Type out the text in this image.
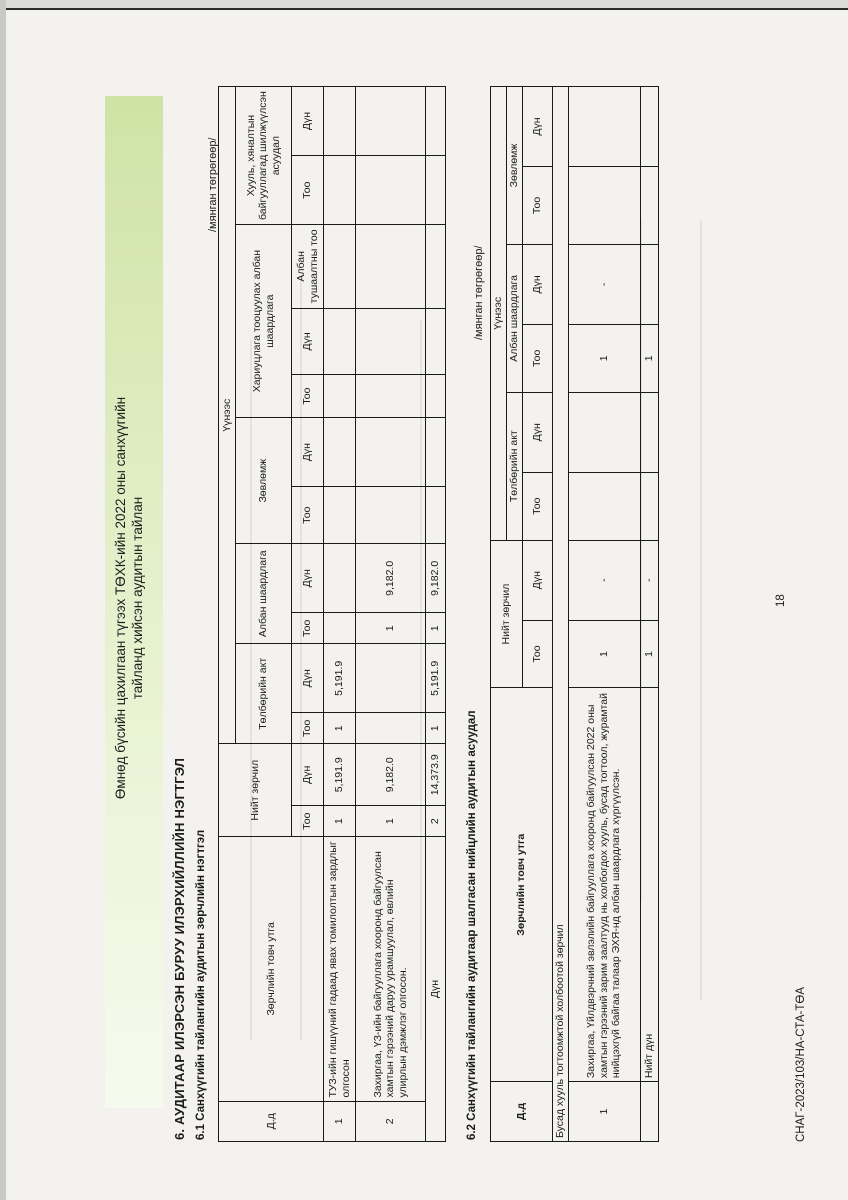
Өмнөд бүсийн цахилгаан түгээх ТӨХК-ийн 2022 оны санхүүгийн тайланд хийсэн аудитын тайлан
6. АУДИТААР ИЛЭРСЭН БУРУУ ИЛЭРХИЙЛЛИЙН НЭГТГЭЛ 6.1 Санхүүгийн тайлангийн аудитын зөрчлийн нэгтгэл
/мянган төгрөгөөр/
Д.д	Зөрчлийн товч утга	Нийт зөрчил		Үүнээс										
				Төлбөрийн акт		Албан шаардлага		Зөвлөмж		Хариуцлага тооцуулах албан шаардлага			Хууль, хяналтын байгууллагад шилжүүлсэн асуудал	
		Тоо	Дүн	Тоо	Дүн	Тоо	Дүн	Тоо	Дүн	Тоо	Дүн	Албан тушаалтны тоо	Тоо	Дүн
1	ТУЗ-ийн гишүүний гадаад явах томилолтын зардлыг олгосон	1	5,191.9	1	5,191.9									
2	Захиргаа, ҮЗ-ийн байгууллага хооронд байгуулсан хамтын гэрээний даруу урамшуулал, өвлийн улирлын дэмжлэг олгосон.	1	9,182.0			1	9,182.0							
Дүн		2	14,373.9	1	5,191.9	1	9,182.0							
6.2 Санхүүгийн тайлангийн аудитаар шалгасан нийцлийн аудитын асуудал
/мянган төгрөгөөр/
Д.д	Зөрчлийн товч утга	Нийт зөрчил		Үүнээс					
				Төлбөрийн акт		Албан шаардлага		Зөвлөмж	
		Тоо	Дүн	Тоо	Дүн	Тоо	Дүн	Тоо	Дүн
Бусад хууль тогтоомжтой холбоотой зөрчил									
1	Захиргаа, Үйлдвэрчний эвлэлийн байгууллага хооронд байгуулсан 2022 оны хамтын гэрээний зарим заалтууд нь холбогдох хууль, бусад тогтоол, журамтай нийцэхгүй байгаа талаар ЭХЯ-нд албан шаардлага хүргүүлсэн.	1	-			1	-		
	Нийт дүн	1	-			1			
18
СНАГ-2023/103/НА-СТА-ТӨА
